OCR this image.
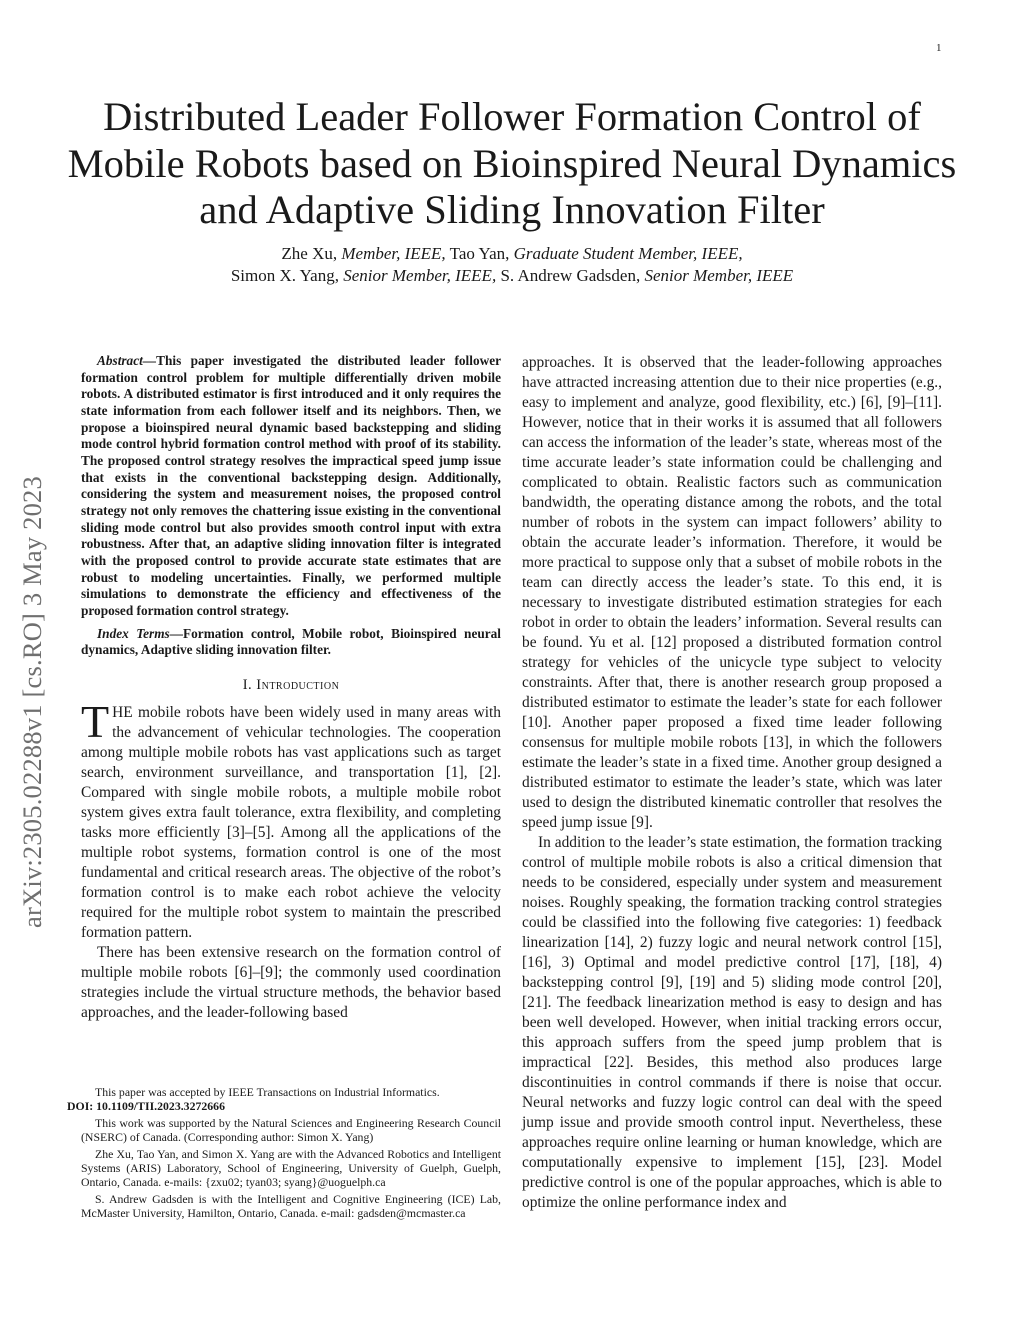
1
arXiv:2305.02288v1 [cs.RO] 3 May 2023
Distributed Leader Follower Formation Control of Mobile Robots based on Bioinspired Neural Dynamics and Adaptive Sliding Innovation Filter
Zhe Xu, Member, IEEE, Tao Yan, Graduate Student Member, IEEE,
Simon X. Yang, Senior Member, IEEE, S. Andrew Gadsden, Senior Member, IEEE

Abstract—This paper investigated the distributed leader follower formation control problem for multiple differentially driven mobile robots. A distributed estimator is first introduced and it only requires the state information from each follower itself and its neighbors. Then, we propose a bioinspired neural dynamic based backstepping and sliding mode control hybrid formation control method with proof of its stability. The proposed control strategy resolves the impractical speed jump issue that exists in the conventional backstepping design. Additionally, considering the system and measurement noises, the proposed control strategy not only removes the chattering issue existing in the conventional sliding mode control but also provides smooth control input with extra robustness. After that, an adaptive sliding innovation filter is integrated with the proposed control to provide accurate state estimates that are robust to modeling uncertainties. Finally, we performed multiple simulations to demonstrate the efficiency and effectiveness of the proposed formation control strategy.

Index Terms—Formation control, Mobile robot, Bioinspired neural dynamics, Adaptive sliding innovation filter.

I. Introduction

THE mobile robots have been widely used in many areas with the advancement of vehicular technologies. The cooperation among multiple mobile robots has vast applications such as target search, environment surveillance, and transportation [1], [2]. Compared with single mobile robots, a multiple mobile robot system gives extra fault tolerance, extra flexibility, and completing tasks more efficiently [3]–[5]. Among all the applications of the multiple robot systems, formation control is one of the most fundamental and critical research areas. The objective of the robot’s formation control is to make each robot achieve the velocity required for the multiple robot system to maintain the prescribed formation pattern.

There has been extensive research on the formation control of multiple mobile robots [6]–[9]; the commonly used coordination strategies include the virtual structure methods, the behavior based approaches, and the leader-following based

This paper was accepted by IEEE Transactions on Industrial Informatics.
DOI: 10.1109/TII.2023.3272666

This work was supported by the Natural Sciences and Engineering Research Council (NSERC) of Canada. (Corresponding author: Simon X. Yang)

Zhe Xu, Tao Yan, and Simon X. Yang are with the Advanced Robotics and Intelligent Systems (ARIS) Laboratory, School of Engineering, University of Guelph, Guelph, Ontario, Canada. e-mails: {zxu02; tyan03; syang}@uoguelph.ca

S. Andrew Gadsden is with the Intelligent and Cognitive Engineering (ICE) Lab, McMaster University, Hamilton, Ontario, Canada. e-mail: gadsden@mcmaster.ca

approaches. It is observed that the leader-following approaches have attracted increasing attention due to their nice properties (e.g., easy to implement and analyze, good flexibility, etc.) [6], [9]–[11]. However, notice that in their works it is assumed that all followers can access the information of the leader’s state, whereas most of the time accurate leader’s state information could be challenging and complicated to obtain. Realistic factors such as communication bandwidth, the operating distance among the robots, and the total number of robots in the system can impact followers’ ability to obtain the accurate leader’s information. Therefore, it would be more practical to suppose only that a subset of mobile robots in the team can directly access the leader’s state. To this end, it is necessary to investigate distributed estimation strategies for each robot in order to obtain the leaders’ information. Several results can be found. Yu et al. [12] proposed a distributed formation control strategy for vehicles of the unicycle type subject to velocity constraints. After that, there is another research group proposed a distributed estimator to estimate the leader’s state for each follower [10]. Another paper proposed a fixed time leader following consensus for multiple mobile robots [13], in which the followers estimate the leader’s state in a fixed time. Another group designed a distributed estimator to estimate the leader’s state, which was later used to design the distributed kinematic controller that resolves the speed jump issue [9].

In addition to the leader’s state estimation, the formation tracking control of multiple mobile robots is also a critical dimension that needs to be considered, especially under system and measurement noises. Roughly speaking, the formation tracking control strategies could be classified into the following five categories: 1) feedback linearization [14], 2) fuzzy logic and neural network control [15], [16], 3) Optimal and model predictive control [17], [18], 4) backstepping control [9], [19] and 5) sliding mode control [20], [21]. The feedback linearization method is easy to design and has been well developed. However, when initial tracking errors occur, this approach suffers from the speed jump problem that is impractical [22]. Besides, this method also produces large discontinuities in control commands if there is noise that occur. Neural networks and fuzzy logic control can deal with the speed jump issue and provide smooth control input. Nevertheless, these approaches require online learning or human knowledge, which are computationally expensive to implement [15], [23]. Model predictive control is one of the popular approaches, which is able to optimize the online performance index and
